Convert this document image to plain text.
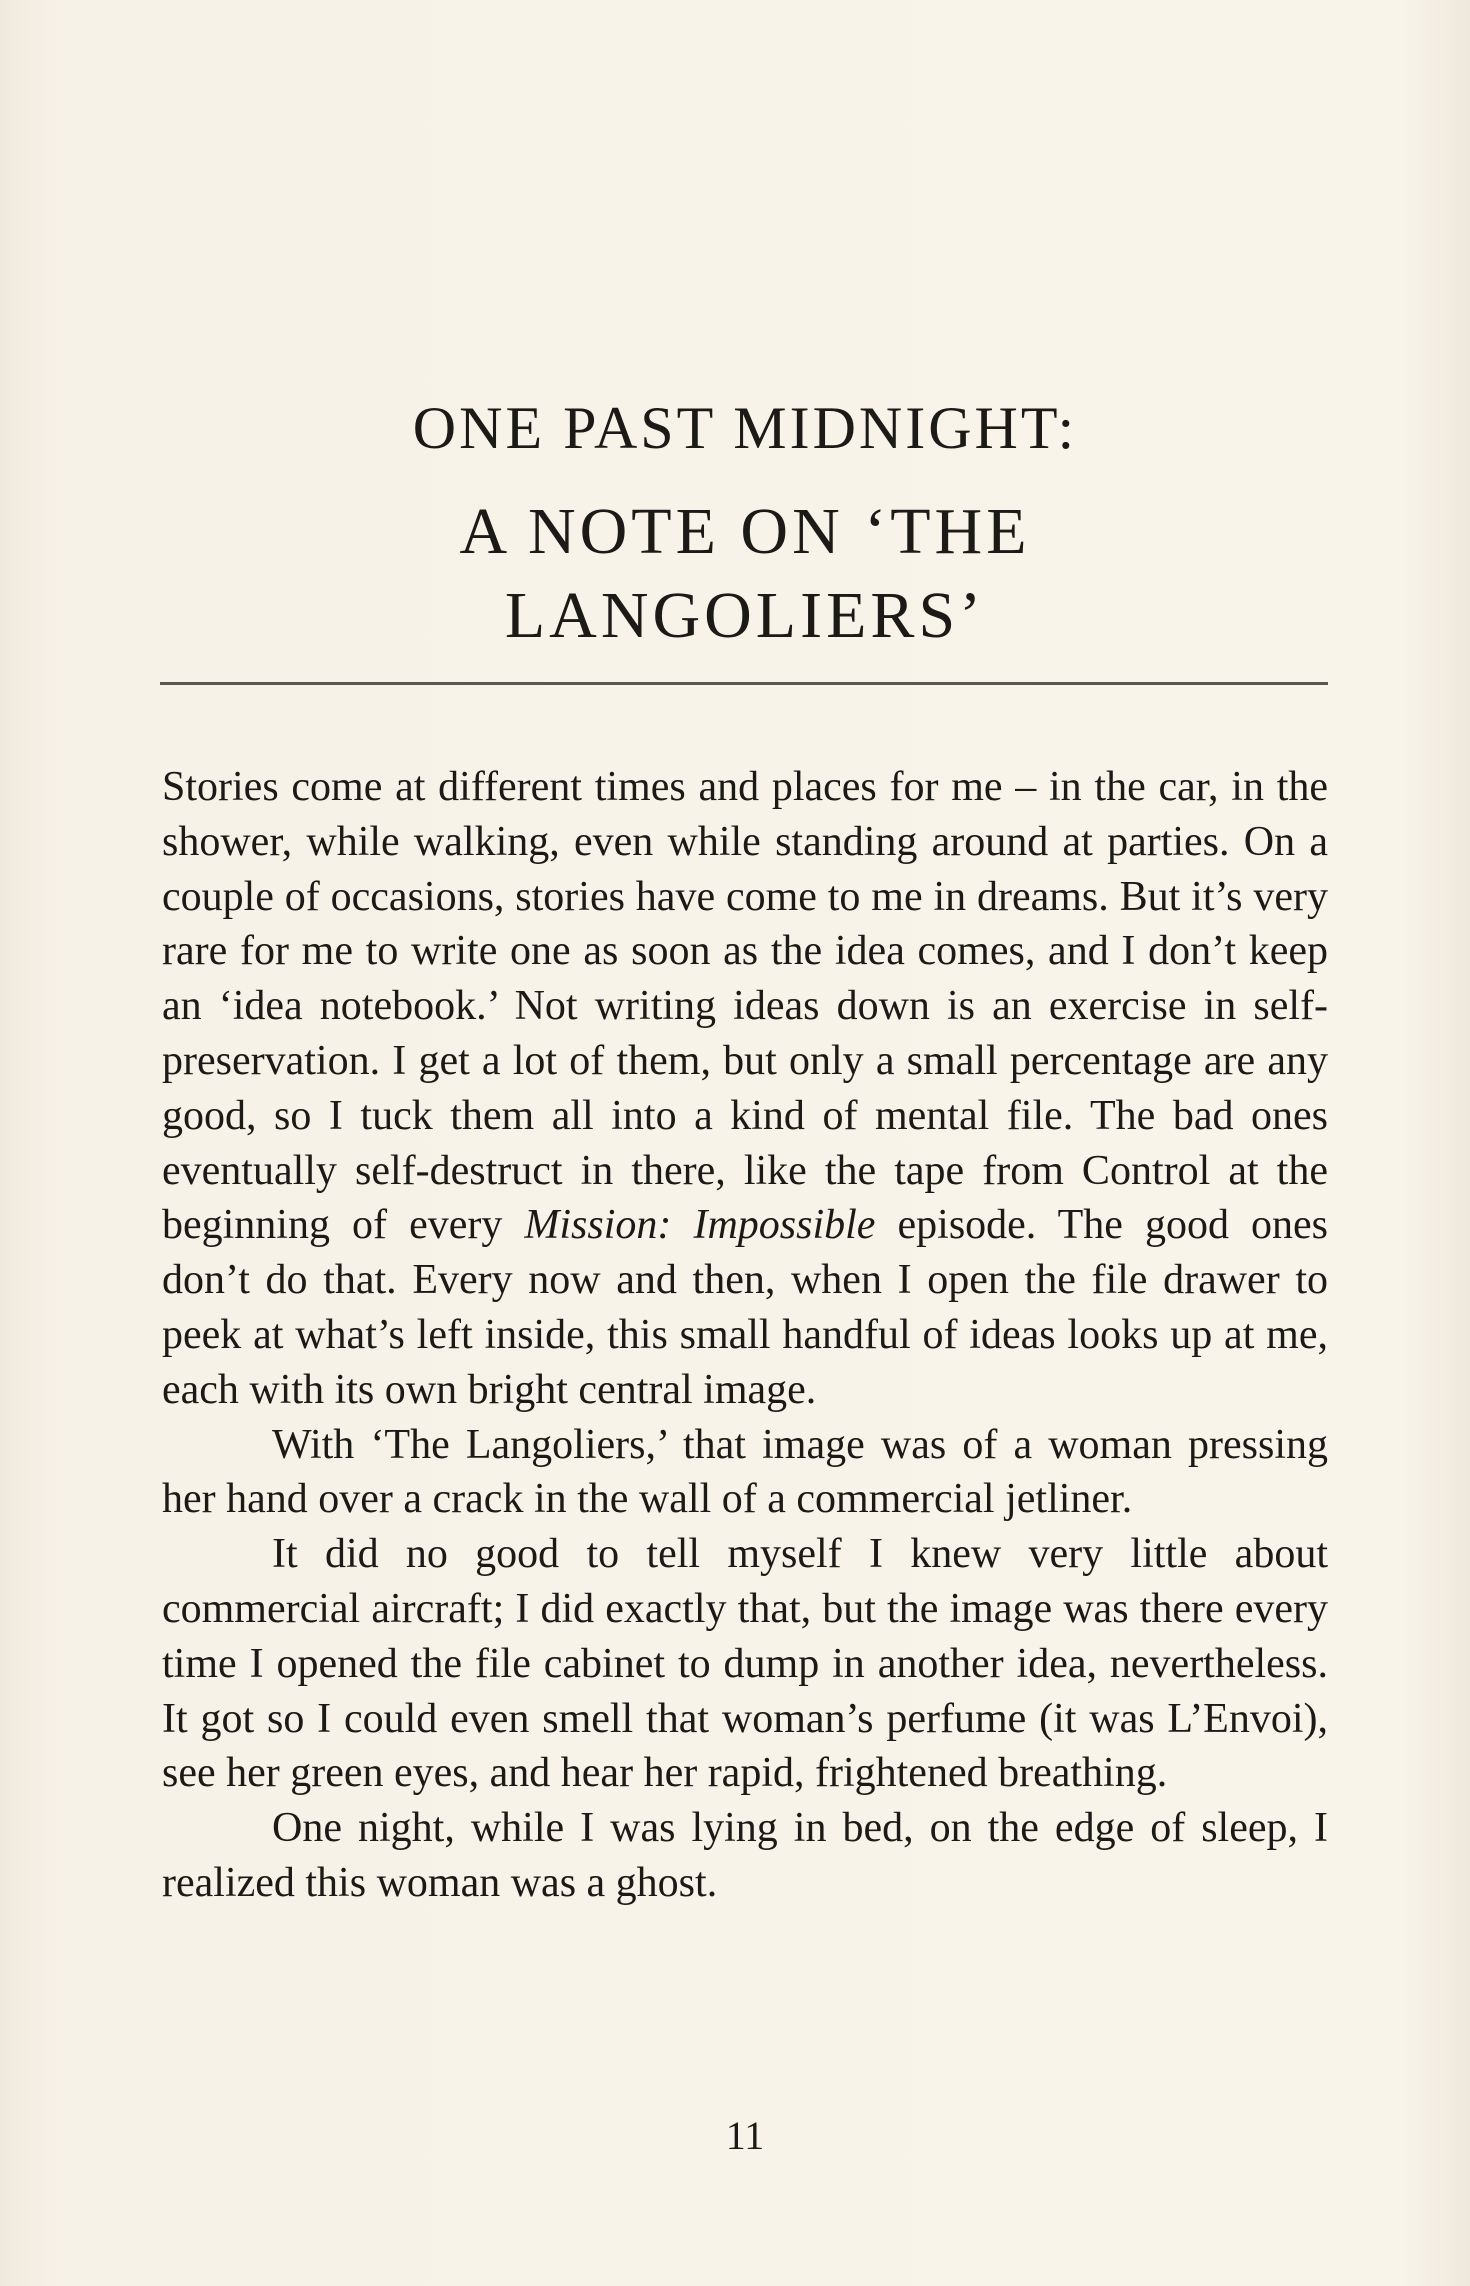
ONE PAST MIDNIGHT:

A NOTE ON ‘THE
LANGOLIERS’

Stories come at different times and places for me – in the car, in the shower, while walking, even while standing around at parties. On a couple of occasions, stories have come to me in dreams. But it’s very rare for me to write one as soon as the idea comes, and I don’t keep an ‘idea notebook.’ Not writing ideas down is an exercise in self-preservation. I get a lot of them, but only a small percentage are any good, so I tuck them all into a kind of mental file. The bad ones eventually self-destruct in there, like the tape from Control at the beginning of every Mission: Impossible episode. The good ones don’t do that. Every now and then, when I open the file drawer to peek at what’s left inside, this small handful of ideas looks up at me, each with its own bright central image.

With ‘The Langoliers,’ that image was of a woman pressing her hand over a crack in the wall of a commercial jetliner.

It did no good to tell myself I knew very little about commercial aircraft; I did exactly that, but the image was there every time I opened the file cabinet to dump in another idea, nevertheless. It got so I could even smell that woman’s perfume (it was L’Envoi), see her green eyes, and hear her rapid, frightened breathing.

One night, while I was lying in bed, on the edge of sleep, I realized this woman was a ghost.

11
